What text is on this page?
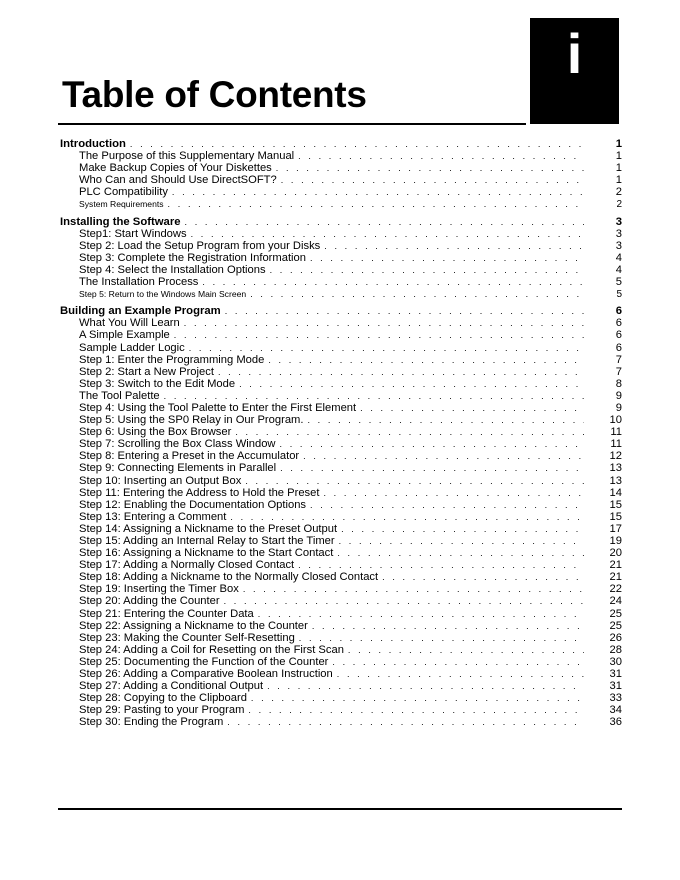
i
Table of Contents
Introduction . . .	1
The Purpose of this Supplementary Manual . . .	1
Make Backup Copies of Your Diskettes . . .	1
Who Can and Should Use DirectSOFT? . . .	1
PLC Compatibility . . .	2
System Requirements . . .	2
Installing the Software . . .	3
Step1: Start Windows . . .	3
Step 2: Load the Setup Program from your Disks . . .	3
Step 3: Complete the Registration Information . . .	4
Step 4: Select the Installation Options . . .	4
The Installation Process . . .	5
Step 5: Return to the Windows Main Screen . . .	5
Building an Example Program . . .	6
What You Will Learn . . .	6
A Simple Example . . .	6
Sample Ladder Logic . . .	6
Step 1: Enter the Programming Mode . . .	7
Step 2: Start a New Project . . .	7
Step 3: Switch to the Edit Mode . . .	8
The Tool Palette . . .	9
Step 4: Using the Tool Palette to Enter the First Element . . .	9
Step 5: Using the SP0 Relay in Our Program. . . .	10
Step 6: Using the Box Browser . . .	11
Step 7: Scrolling the Box Class Window . . .	11
Step 8: Entering a Preset in the Accumulator . . .	12
Step 9: Connecting Elements in Parallel . . .	13
Step 10: Inserting an Output Box . . .	13
Step 11: Entering the Address to Hold the Preset . . .	14
Step 12: Enabling the Documentation Options . . .	15
Step 13: Entering a Comment . . .	15
Step 14: Assigning a Nickname to the Preset Output . . .	17
Step 15: Adding an Internal Relay to Start the Timer . . .	19
Step 16: Assigning a Nickname to the Start Contact . . .	20
Step 17: Adding a Normally Closed Contact . . .	21
Step 18: Adding a Nickname to the Normally Closed Contact . . .	21
Step 19: Inserting the Timer Box . . .	22
Step 20: Adding the Counter . . .	24
Step 21: Entering the Counter Data . . .	25
Step 22: Assigning a Nickname to the Counter . . .	25
Step 23: Making the Counter Self-Resetting . . .	26
Step 24: Adding a Coil for Resetting on the First Scan . . .	28
Step 25: Documenting the Function of the Counter . . .	30
Step 26: Adding a Comparative Boolean Instruction . . .	31
Step 27: Adding a Conditional Output . . .	31
Step 28: Copying to the Clipboard . . .	33
Step 29: Pasting to your Program . . .	34
Step 30: Ending the Program . . .	36
